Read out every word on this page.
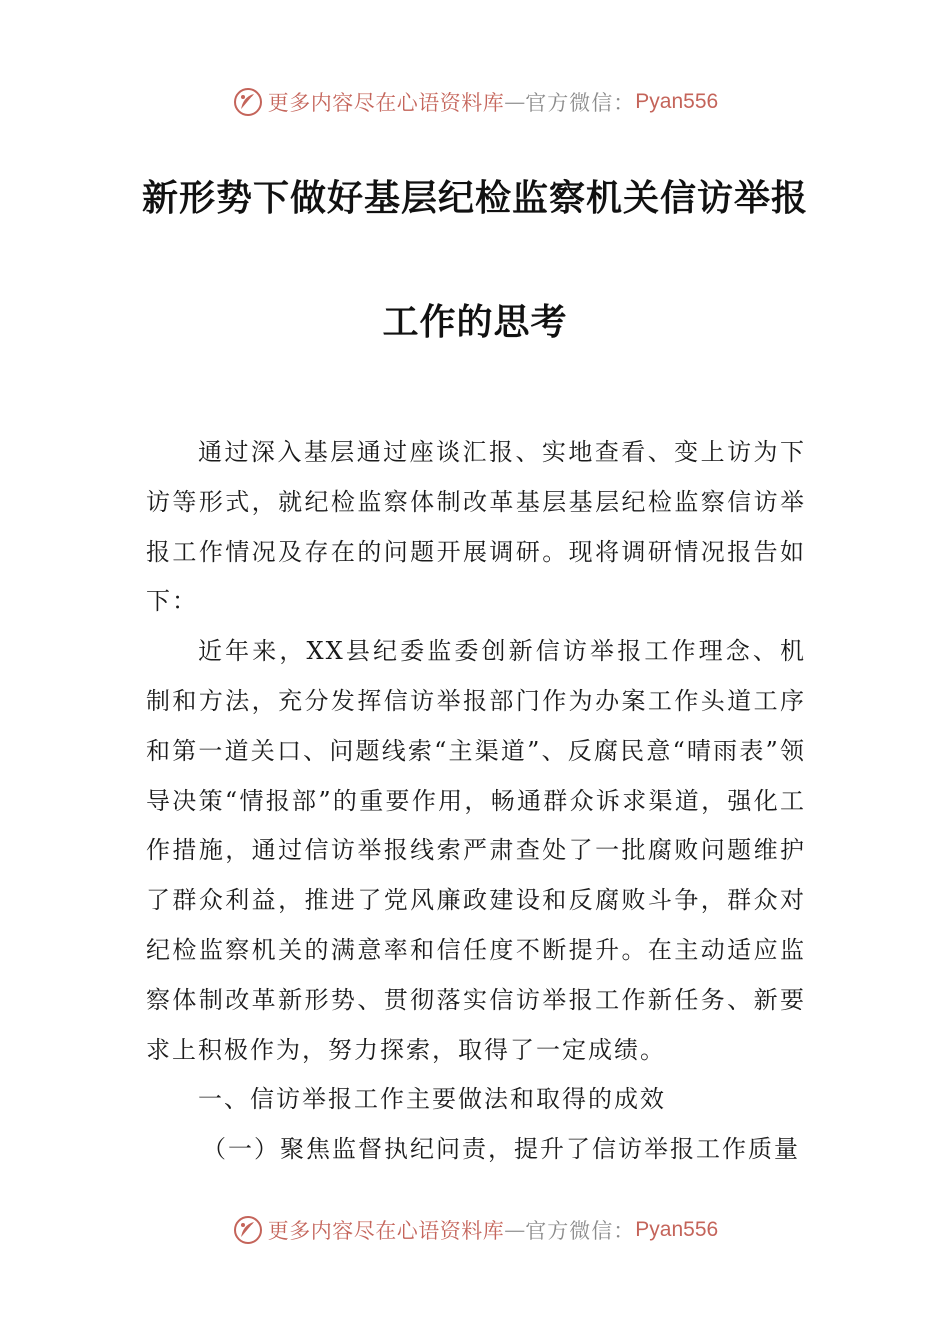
更多内容尽在心语资料库 — 官方微信： Pyan556
新形势下做好基层纪检监察机关信访举报
工作的思考

通过深入基层通过座谈汇报、实地查看、变上访为下访等形式，就纪检监察体制改革基层基层纪检监察信访举报工作情况及存在的问题开展调研。现将调研情况报告如下：

近年来，XX县纪委监委创新信访举报工作理念、机制和方法，充分发挥信访举报部门作为办案工作头道工序和第一道关口、问题线索“主渠道”、反腐民意“晴雨表”领导决策“情报部”的重要作用，畅通群众诉求渠道，强化工作措施，通过信访举报线索严肃查处了一批腐败问题维护了群众利益，推进了党风廉政建设和反腐败斗争，群众对纪检监察机关的满意率和信任度不断提升。在主动适应监察体制改革新形势、贯彻落实信访举报工作新任务、新要求上积极作为，努力探索，取得了一定成绩。

一、信访举报工作主要做法和取得的成效

（一）聚焦监督执纪问责，提升了信访举报工作质量

更多内容尽在心语资料库 — 官方微信： Pyan556
